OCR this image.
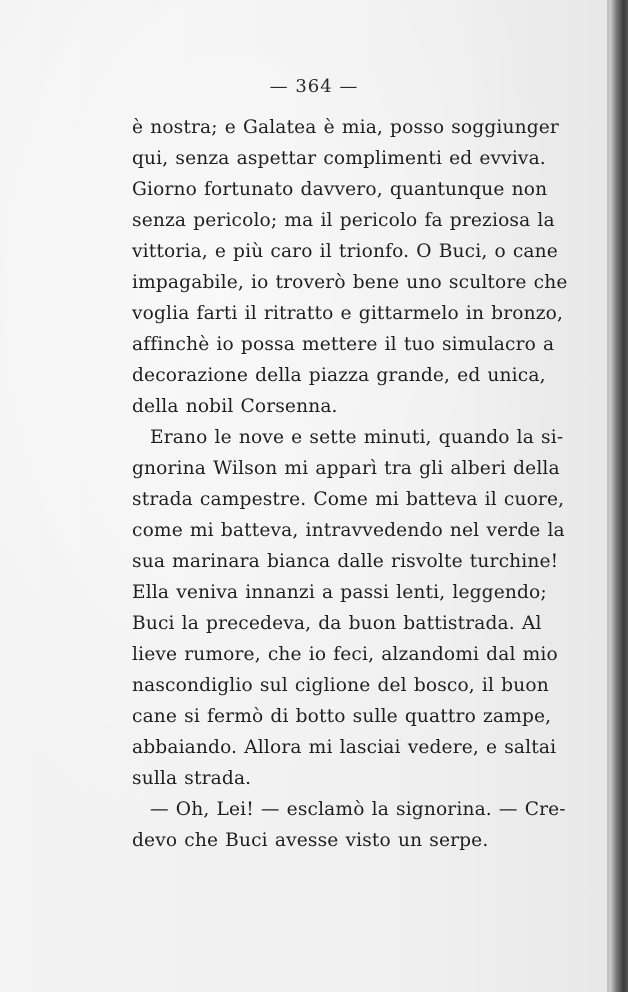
— 364 —

è nostra; e Galatea è mia, posso soggiunger
qui, senza aspettar complimenti ed evviva.
Giorno fortunato davvero, quantunque non
senza pericolo; ma il pericolo fa preziosa la
vittoria, e più caro il trionfo. O Buci, o cane
impagabile, io troverò bene uno scultore che
voglia farti il ritratto e gittarmelo in bronzo,
affinchè io possa mettere il tuo simulacro a
decorazione della piazza grande, ed unica,
della nobil Corsenna.

Erano le nove e sette minuti, quando la si-
gnorina Wilson mi apparì tra gli alberi della
strada campestre. Come mi batteva il cuore,
come mi batteva, intravvedendo nel verde la
sua marinara bianca dalle risvolte turchine!
Ella veniva innanzi a passi lenti, leggendo;
Buci la precedeva, da buon battistrada. Al
lieve rumore, che io feci, alzandomi dal mio
nascondiglio sul ciglione del bosco, il buon
cane si fermò di botto sulle quattro zampe,
abbaiando. Allora mi lasciai vedere, e saltai
sulla strada.

— Oh, Lei! — esclamò la signorina. — Cre-
devo che Buci avesse visto un serpe.
